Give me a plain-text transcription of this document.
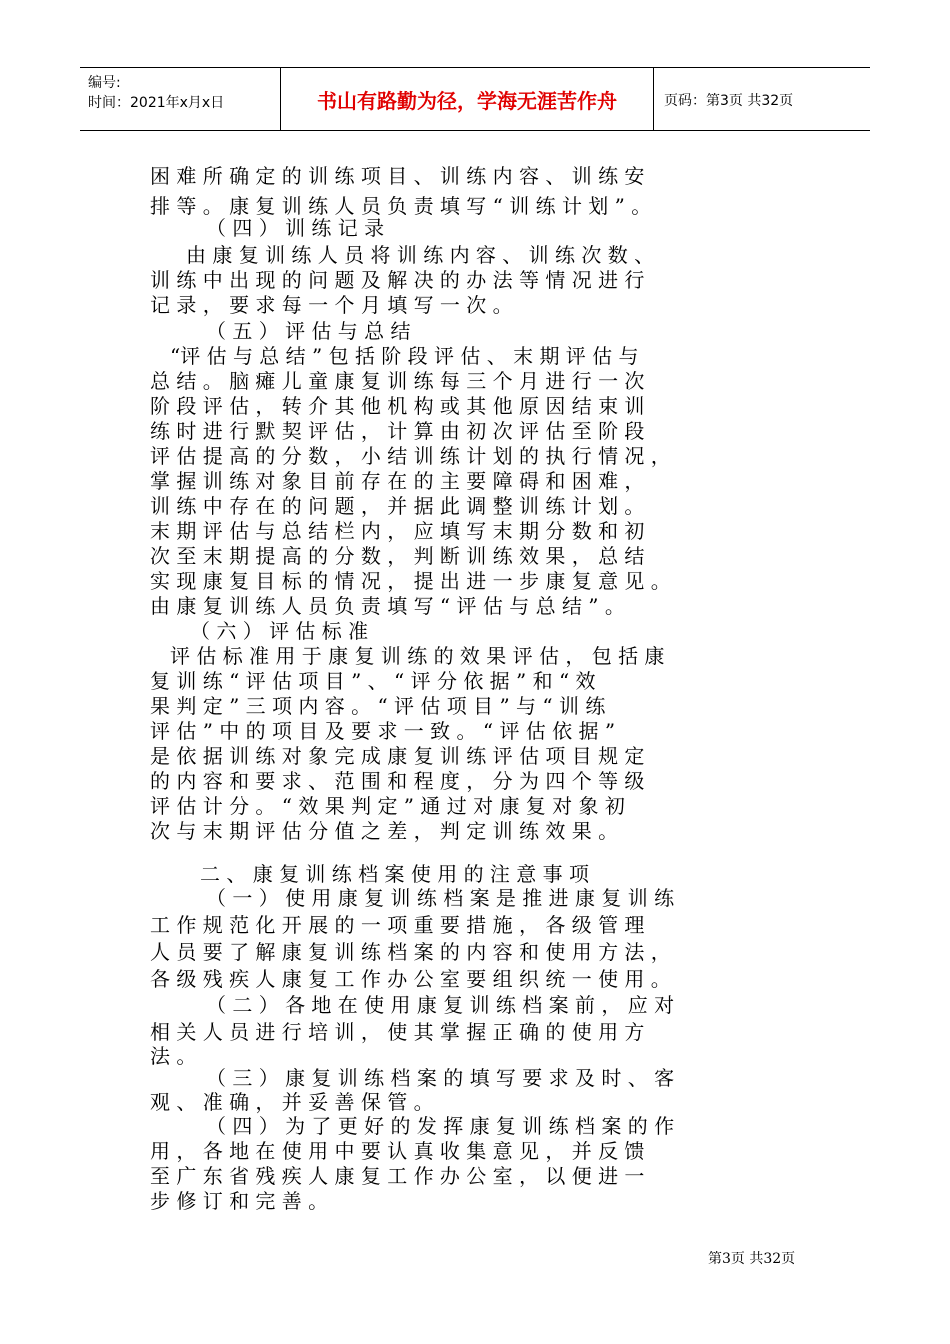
编号:
时间：2021年x月x日	书山有路勤为径，学海无涯苦作舟	页码：第3页 共32页
困 难 所 确 定 的 训 练 项 目 、 训 练 内 容 、 训 练 安
排 等 。 康 复 训 练 人 员 负 责 填 写 “ 训 练 计 划 ” 。
（ 四 ） 训 练 记 录
由 康 复 训 练 人 员 将 训 练 内 容 、 训 练 次 数 、
训 练 中 出 现 的 问 题 及 解 决 的 办 法 等 情 况 进 行
记 录 ， 要 求 每 一 个 月 填 写 一 次 。
（ 五 ） 评 估 与 总 结
“评 估 与 总 结 ” 包 括 阶 段 评 估 、 末 期 评 估 与
总 结 。 脑 瘫 儿 童 康 复 训 练 每 三 个 月 进 行 一 次
阶 段 评 估 ， 转 介 其 他 机 构 或 其 他 原 因 结 束 训
练 时 进 行 默 契 评 估 ， 计 算 由 初 次 评 估 至 阶 段
评 估 提 高 的 分 数 ， 小 结 训 练 计 划 的 执 行 情 况 ，
掌 握 训 练 对 象 目 前 存 在 的 主 要 障 碍 和 困 难 ，
训 练 中 存 在 的 问 题 ， 并 据 此 调 整 训 练 计 划 。
末 期 评 估 与 总 结 栏 内 ， 应 填 写 末 期 分 数 和 初
次 至 末 期 提 高 的 分 数 ， 判 断 训 练 效 果 ， 总 结
实 现 康 复 目 标 的 情 况 ， 提 出 进 一 步 康 复 意 见 。
由 康 复 训 练 人 员 负 责 填 写 “ 评 估 与 总 结 ” 。
（ 六 ） 评 估 标 准
评 估 标 准 用 于 康 复 训 练 的 效 果 评 估 ， 包 括 康
复 训 练 “ 评 估 项 目 ” 、 “ 评 分 依 据 ” 和 “ 效
果 判 定 ” 三 项 内 容 。 “ 评 估 项 目 ” 与 “ 训 练
评 估 ” 中 的 项 目 及 要 求 一 致 。 “ 评 估 依 据 ”
是 依 据 训 练 对 象 完 成 康 复 训 练 评 估 项 目 规 定
的 内 容 和 要 求 、 范 围 和 程 度 ， 分 为 四 个 等 级
评 估 计 分 。 “ 效 果 判 定 ” 通 过 对 康 复 对 象 初
次 与 末 期 评 估 分 值 之 差 ， 判 定 训 练 效 果 。
二 、 康 复 训 练 档 案 使 用 的 注 意 事 项
（ 一 ） 使 用 康 复 训 练 档 案 是 推 进 康 复 训 练
工 作 规 范 化 开 展 的 一 项 重 要 措 施 ， 各 级 管 理
人 员 要 了 解 康 复 训 练 档 案 的 内 容 和 使 用 方 法 ，
各 级 残 疾 人 康 复 工 作 办 公 室 要 组 织 统 一 使 用 。
（ 二 ） 各 地 在 使 用 康 复 训 练 档 案 前 ， 应 对
相 关 人 员 进 行 培 训 ， 使 其 掌 握 正 确 的 使 用 方
法 。
（ 三 ） 康 复 训 练 档 案 的 填 写 要 求 及 时 、 客
观 、 准 确 ， 并 妥 善 保 管 。
（ 四 ） 为 了 更 好 的 发 挥 康 复 训 练 档 案 的 作
用 ， 各 地 在 使 用 中 要 认 真 收 集 意 见 ， 并 反 馈
至 广 东 省 残 疾 人 康 复 工 作 办 公 室 ， 以 便 进 一
步 修 订 和 完 善 。
第3页 共32页
